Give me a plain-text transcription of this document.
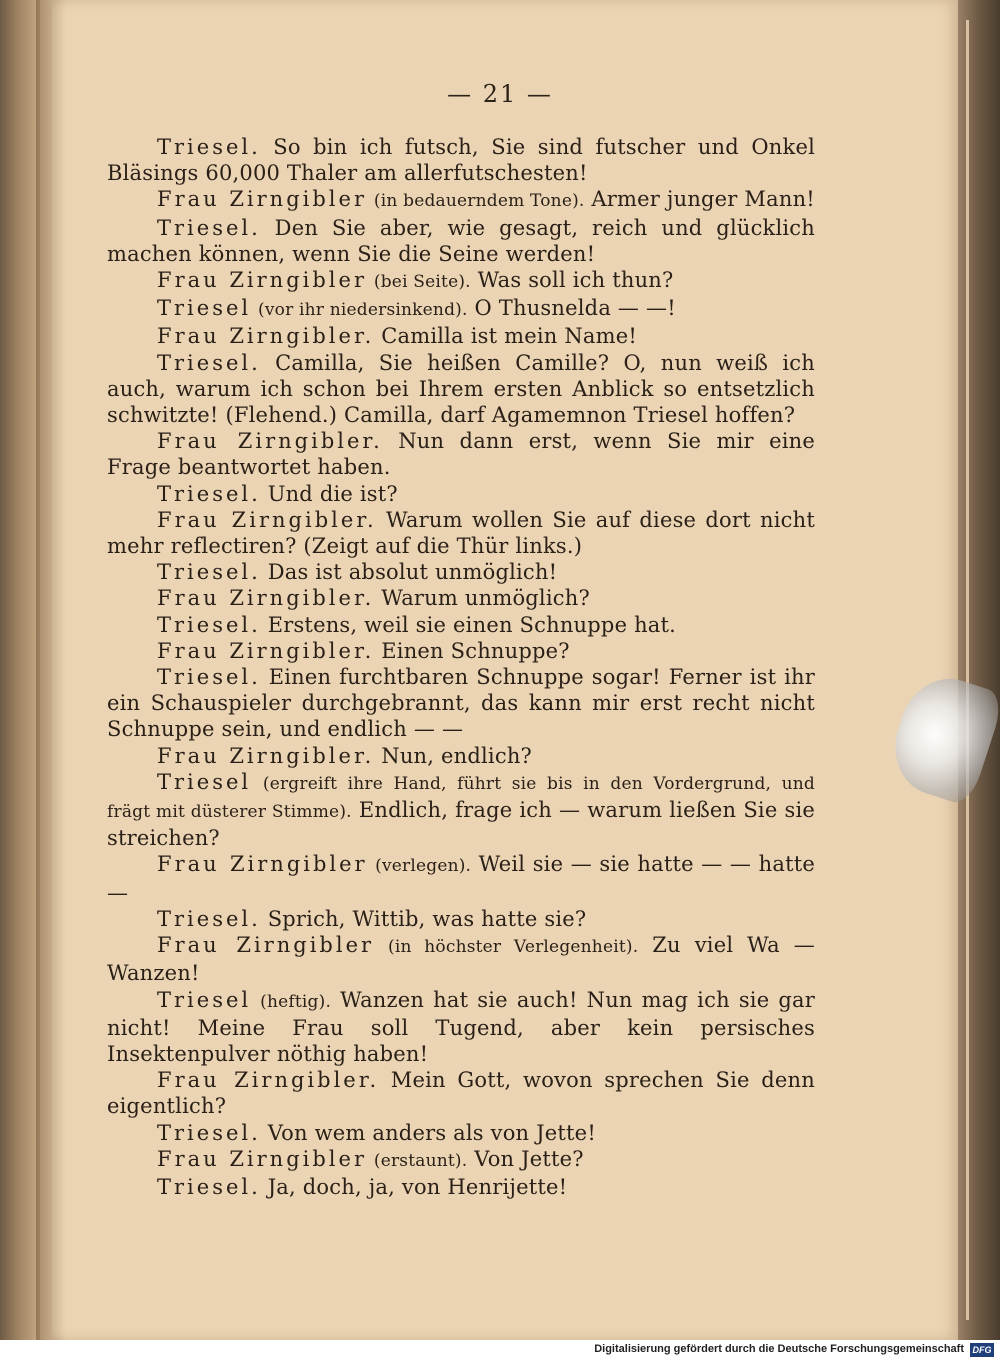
— 21 —

Triesel. So bin ich futsch, Sie sind futscher und Onkel Bläsings 60,000 Thaler am allerfutschesten!

Frau Zirngibler (in bedauerndem Tone). Armer junger Mann!

Triesel. Den Sie aber, wie gesagt, reich und glücklich machen können, wenn Sie die Seine werden!

Frau Zirngibler (bei Seite). Was soll ich thun?

Triesel (vor ihr niedersinkend). O Thusnelda — —!

Frau Zirngibler. Camilla ist mein Name!

Triesel. Camilla, Sie heißen Camille? O, nun weiß ich auch, warum ich schon bei Ihrem ersten Anblick so entsetzlich schwitzte! (Flehend.) Camilla, darf Agamemnon Triesel hoffen?

Frau Zirngibler. Nun dann erst, wenn Sie mir eine Frage beantwortet haben.

Triesel. Und die ist?

Frau Zirngibler. Warum wollen Sie auf diese dort nicht mehr reflectiren? (Zeigt auf die Thür links.)

Triesel. Das ist absolut unmöglich!

Frau Zirngibler. Warum unmöglich?

Triesel. Erstens, weil sie einen Schnuppe hat.

Frau Zirngibler. Einen Schnuppe?

Triesel. Einen furchtbaren Schnuppe sogar! Ferner ist ihr ein Schauspieler durchgebrannt, das kann mir erst recht nicht Schnuppe sein, und endlich — —

Frau Zirngibler. Nun, endlich?

Triesel (ergreift ihre Hand, führt sie bis in den Vordergrund, und frägt mit düsterer Stimme). Endlich, frage ich — warum ließen Sie sie streichen?

Frau Zirngibler (verlegen). Weil sie — sie hatte — — hatte —

Triesel. Sprich, Wittib, was hatte sie?

Frau Zirngibler (in höchster Verlegenheit). Zu viel Wa — Wanzen!

Triesel (heftig). Wanzen hat sie auch! Nun mag ich sie gar nicht! Meine Frau soll Tugend, aber kein persisches Insektenpulver nöthig haben!

Frau Zirngibler. Mein Gott, wovon sprechen Sie denn eigentlich?

Triesel. Von wem anders als von Jette!

Frau Zirngibler (erstaunt). Von Jette?

Triesel. Ja, doch, ja, von Henrijette!

Digitalisierung gefördert durch die Deutsche Forschungsgemeinschaft DFG
